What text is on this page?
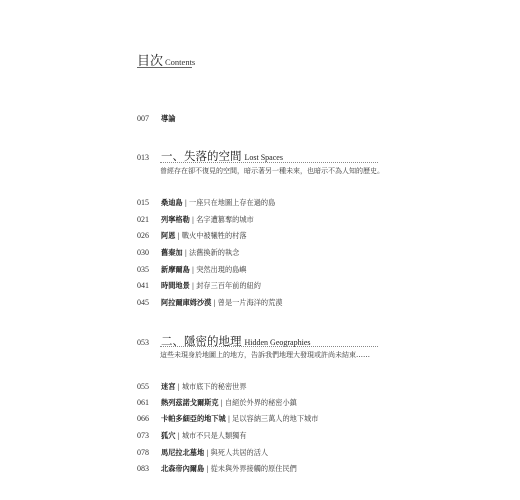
目次 Contents
007 導論
013 一、失落的空間 Lost Spaces
曾經存在卻不復見的空間，暗示著另一種未來，也暗示不為人知的歷史。
015 桑迪島 | 一座只在地圖上存在過的島
021 列寧格勒 | 名字遭篡奪的城市
026 阿恩 | 戰火中被犧牲的村落
030 舊秦加 | 法舊換新的執念
035 新摩爾島 | 突然出現的島嶼
041 時間地景 | 封存三百年前的紐約
045 阿拉爾庫姆沙漠 | 曾是一片海洋的荒漠
053 二、隱密的地理 Hidden Geographies
這些未現身於地圖上的地方，告訴我們地理大發現或許尚未結束……
055 迷宮 | 城市底下的秘密世界
061 熱列茲諾戈爾斯克 | 自絕於外界的秘密小鎮
066 卡帕多細亞的地下城 | 足以容納三萬人的地下城市
073 狐穴 | 城市不只是人類獨有
078 馬尼拉北墓地 | 與死人共居的活人
083 北森帝內爾島 | 從未與外界接觸的原住民們
